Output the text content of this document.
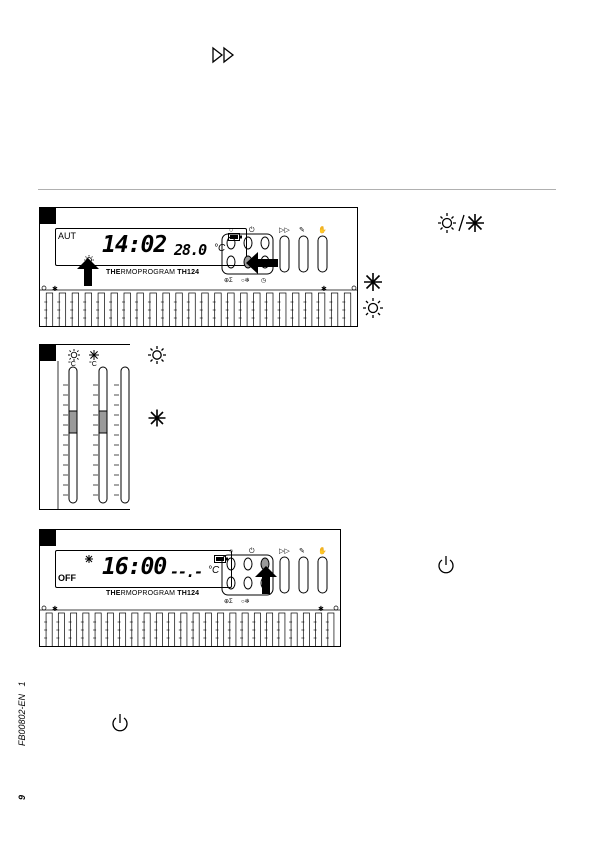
AUT 14:02 28.0 °C
THERMOPROGRAM TH124
○ ⏻	▷▷ ✎ ✋
⊕Σ ○❄ ◷
✱	✱
°C °C
OFF 16:00 --.- °C
THERMOPROGRAM TH124
○ ⏻	▷▷ ✎ ✋
⊕Σ ○❄
✱	✱
FB00802-EN   1
9
